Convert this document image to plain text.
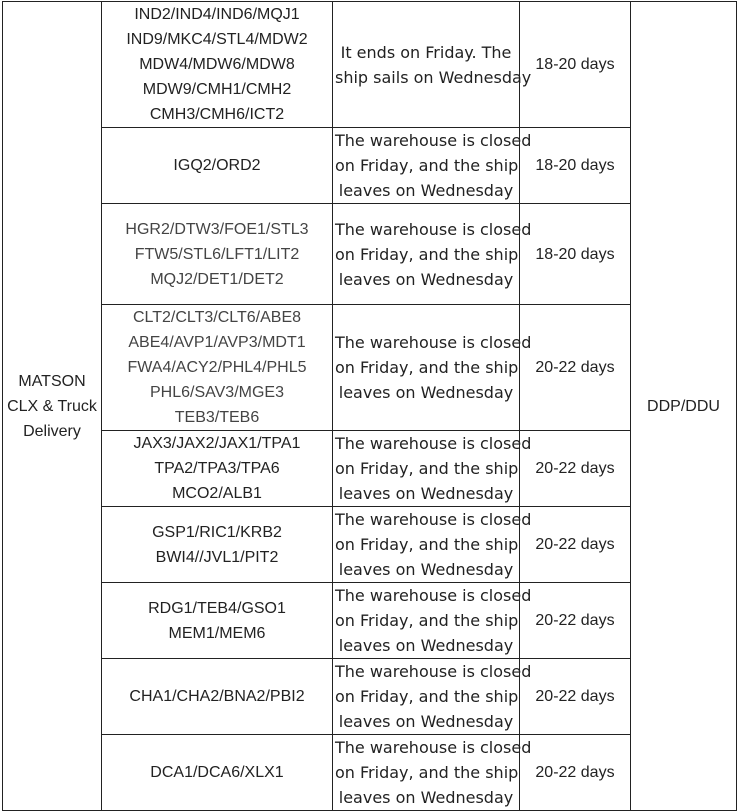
MATSON
CLX & Truck
Delivery	IND2/IND4/IND6/MQJ1
IND9/MKC4/STL4/MDW2
MDW4/MDW6/MDW8
MDW9/CMH1/CMH2
CMH3/CMH6/ICT2	It ends on Friday. The
ship sails on Wednesday	18-20 days	DDP/DDU

	IGQ2/ORD2	The warehouse is closed
on Friday, and the ship
leaves on Wednesday	18-20 days	

	HGR2/DTW3/FOE1/STL3
FTW5/STL6/LFT1/LIT2
MQJ2/DET1/DET2	The warehouse is closed
on Friday, and the ship
leaves on Wednesday	18-20 days	

	CLT2/CLT3/CLT6/ABE8
ABE4/AVP1/AVP3/MDT1
FWA4/ACY2/PHL4/PHL5
PHL6/SAV3/MGE3
TEB3/TEB6	The warehouse is closed
on Friday, and the ship
leaves on Wednesday	20-22 days	

	JAX3/JAX2/JAX1/TPA1
TPA2/TPA3/TPA6
MCO2/ALB1	The warehouse is closed
on Friday, and the ship
leaves on Wednesday	20-22 days	

	GSP1/RIC1/KRB2
BWI4//JVL1/PIT2	The warehouse is closed
on Friday, and the ship
leaves on Wednesday	20-22 days	

	RDG1/TEB4/GSO1
MEM1/MEM6	The warehouse is closed
on Friday, and the ship
leaves on Wednesday	20-22 days	

	CHA1/CHA2/BNA2/PBI2	The warehouse is closed
on Friday, and the ship
leaves on Wednesday	20-22 days	

	DCA1/DCA6/XLX1	The warehouse is closed
on Friday, and the ship
leaves on Wednesday	20-22 days	
